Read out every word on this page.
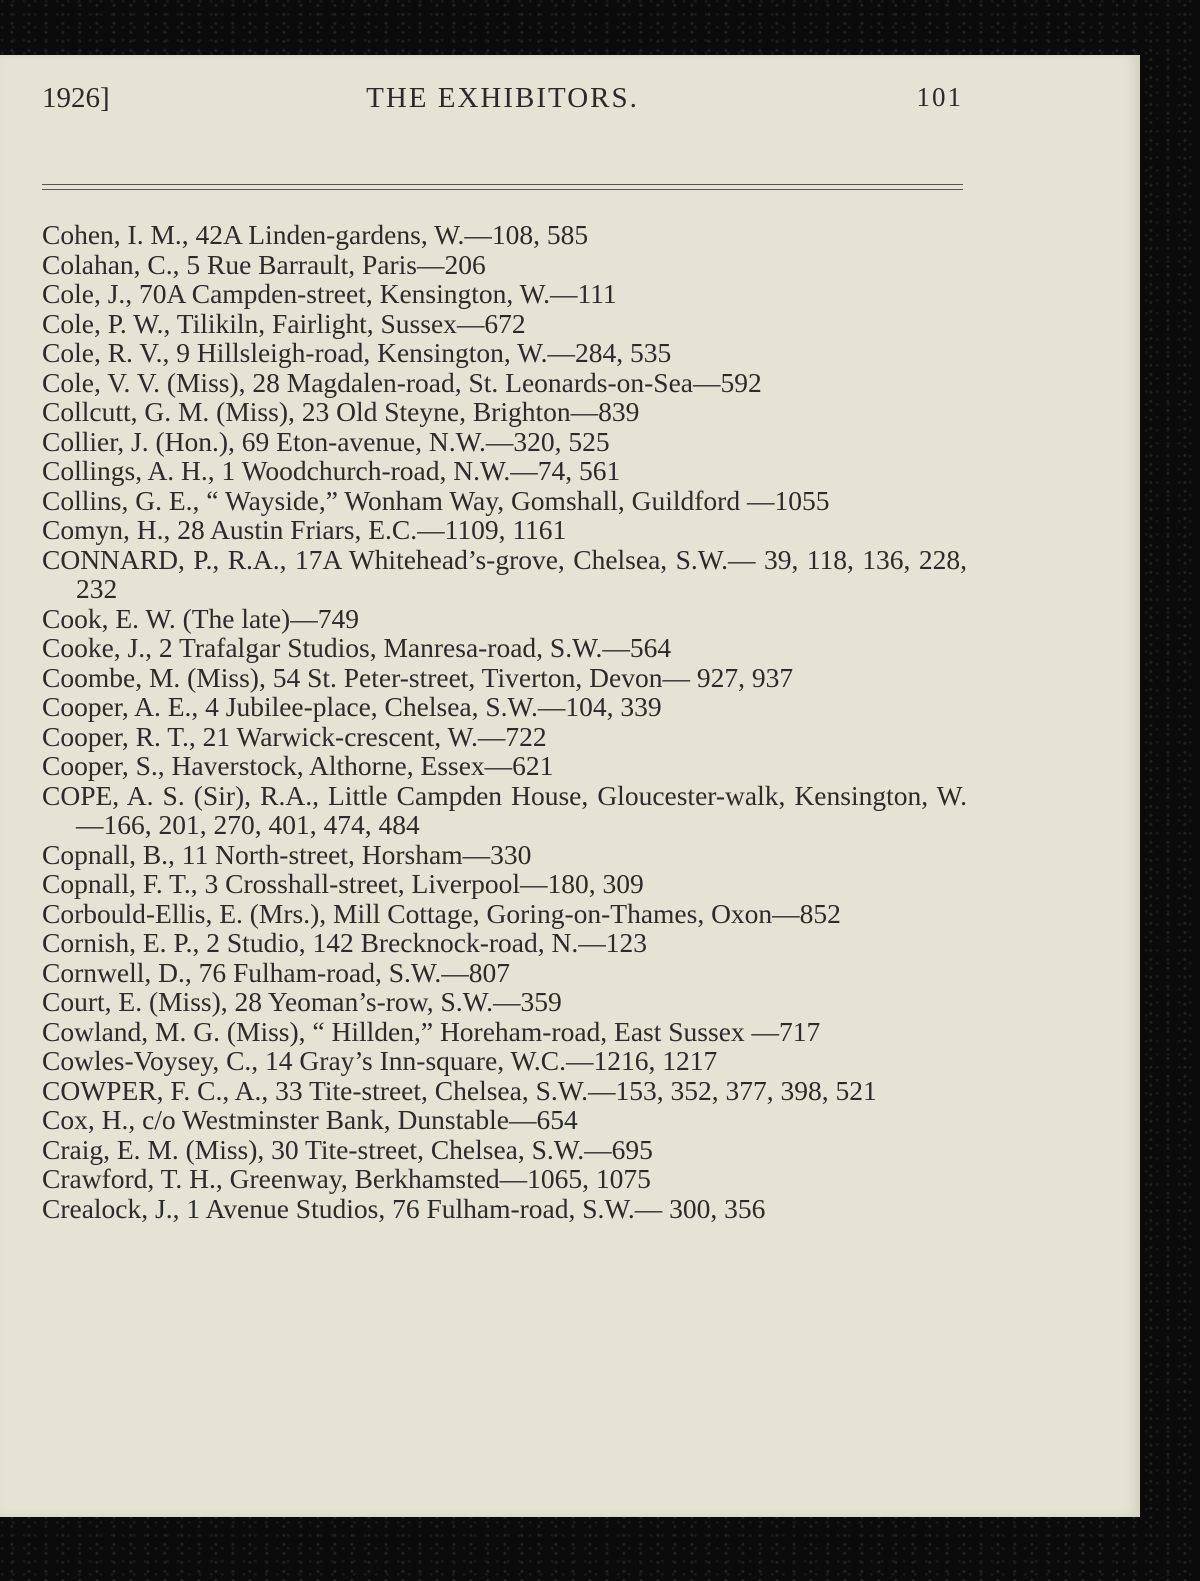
1926]	THE EXHIBITORS.	101

Cohen, I. M., 42A Linden-gardens, W.—108, 585

Colahan, C., 5 Rue Barrault, Paris—206

Cole, J., 70A Campden-street, Kensington, W.—111

Cole, P. W., Tilikiln, Fairlight, Sussex—672

Cole, R. V., 9 Hillsleigh-road, Kensington, W.—284, 535

Cole, V. V. (Miss), 28 Magdalen-road, St. Leonards-on-Sea—592

Collcutt, G. M. (Miss), 23 Old Steyne, Brighton—839

Collier, J. (Hon.), 69 Eton-avenue, N.W.—320, 525

Collings, A. H., 1 Woodchurch-road, N.W.—74, 561

Collins, G. E., “ Wayside,” Wonham Way, Gomshall, Guildford —1055

Comyn, H., 28 Austin Friars, E.C.—1109, 1161

CONNARD, P., R.A., 17A Whitehead’s-grove, Chelsea, S.W.— 39, 118, 136, 228, 232

Cook, E. W. (The late)—749

Cooke, J., 2 Trafalgar Studios, Manresa-road, S.W.—564

Coombe, M. (Miss), 54 St. Peter-street, Tiverton, Devon— 927, 937

Cooper, A. E., 4 Jubilee-place, Chelsea, S.W.—104, 339

Cooper, R. T., 21 Warwick-crescent, W.—722

Cooper, S., Haverstock, Althorne, Essex—621

COPE, A. S. (Sir), R.A., Little Campden House, Gloucester-walk, Kensington, W.—166, 201, 270, 401, 474, 484

Copnall, B., 11 North-street, Horsham—330

Copnall, F. T., 3 Crosshall-street, Liverpool—180, 309

Corbould-Ellis, E. (Mrs.), Mill Cottage, Goring-on-Thames, Oxon—852

Cornish, E. P., 2 Studio, 142 Brecknock-road, N.—123

Cornwell, D., 76 Fulham-road, S.W.—807

Court, E. (Miss), 28 Yeoman’s-row, S.W.—359

Cowland, M. G. (Miss), “ Hillden,” Horeham-road, East Sussex —717

Cowles-Voysey, C., 14 Gray’s Inn-square, W.C.—1216, 1217

COWPER, F. C., A., 33 Tite-street, Chelsea, S.W.—153, 352, 377, 398, 521

Cox, H., c/o Westminster Bank, Dunstable—654

Craig, E. M. (Miss), 30 Tite-street, Chelsea, S.W.—695

Crawford, T. H., Greenway, Berkhamsted—1065, 1075

Crealock, J., 1 Avenue Studios, 76 Fulham-road, S.W.— 300, 356
